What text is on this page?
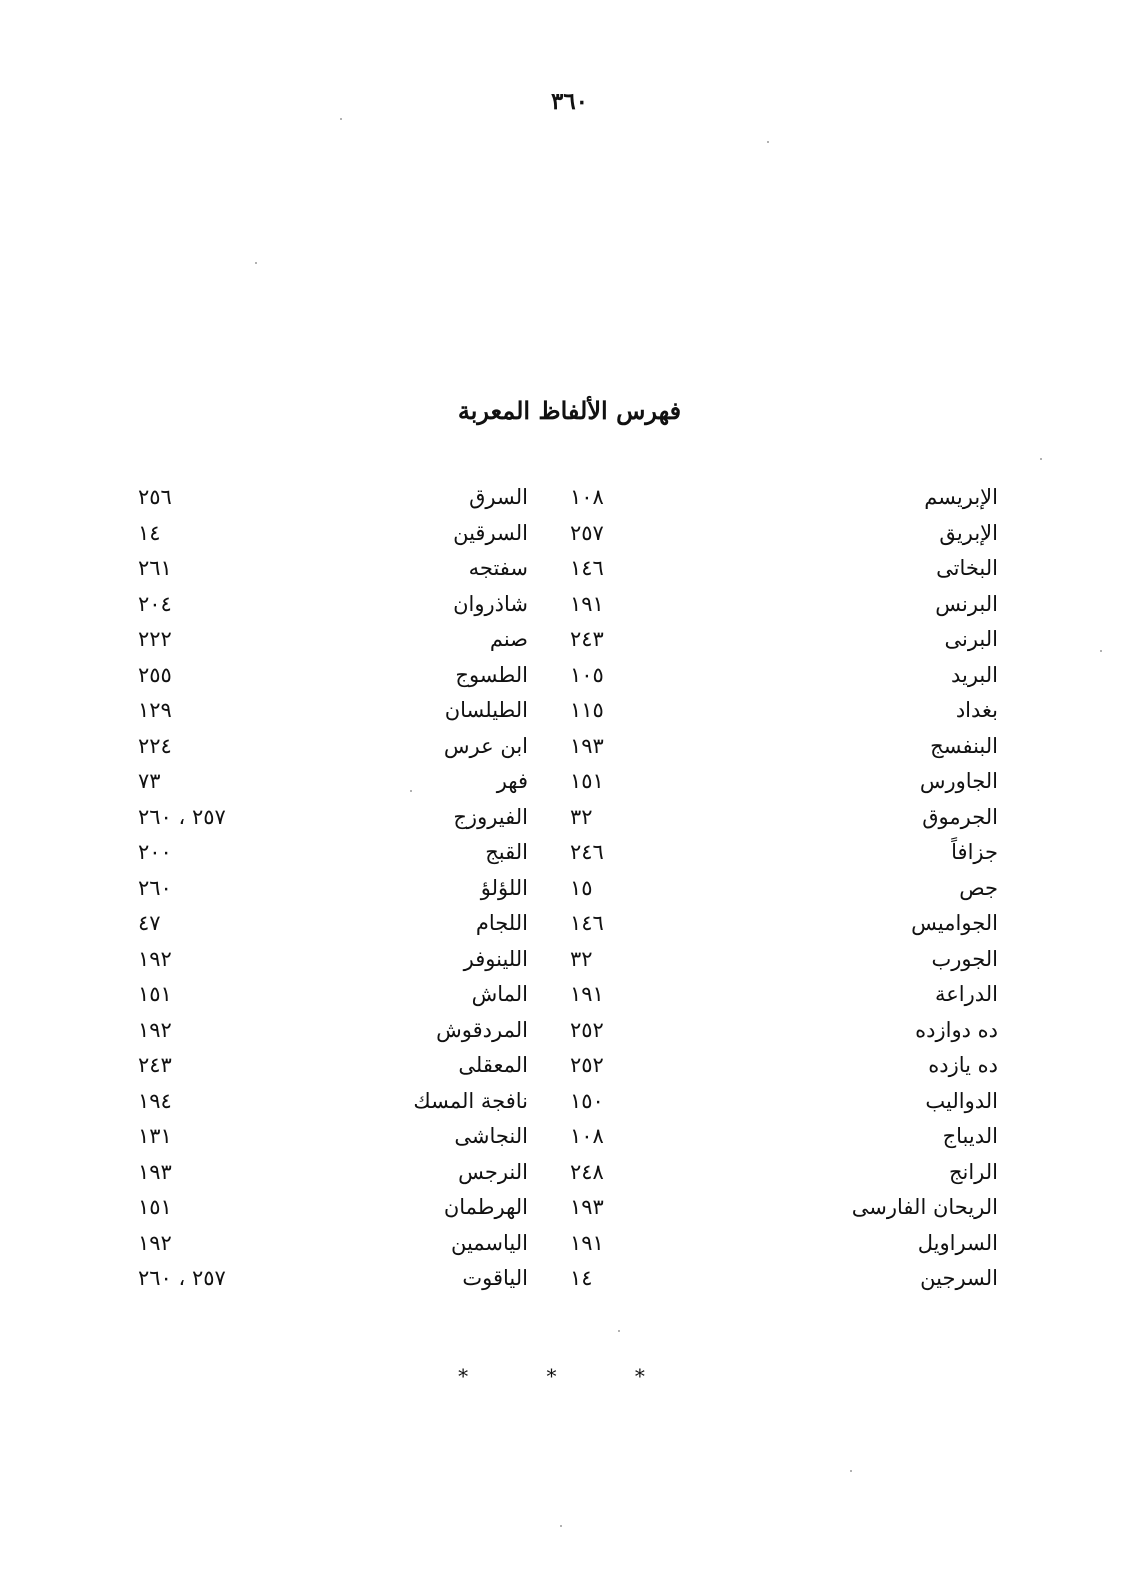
٣٦٠
فهرس الألفاظ المعربة
الإبريسم
١٠٨
الإبريق
٢٥٧
البخاتى
١٤٦
البرنس
١٩١
البرنى
٢٤٣
البريد
١٠٥
بغداد
١١٥
البنفسج
١٩٣
الجاورس
١٥١
الجرموق
٣٢
جزافاً
٢٤٦
جص
١٥
الجواميس
١٤٦
الجورب
٣٢
الدراعة
١٩١
ده دوازده
٢٥٢
ده يازده
٢٥٢
الدواليب
١٥٠
الديباج
١٠٨
الرانج
٢٤٨
الريحان الفارسى
١٩٣
السراويل
١٩١
السرجين
١٤
السرق
٢٥٦
السرقين
١٤
سفتجه
٢٦١
شاذروان
٢٠٤
صنم
٢٢٢
الطسوج
٢٥٥
الطيلسان
١٢٩
ابن عرس
٢٢٤
فهر
٧٣
الفيروزج
٢٥٧ ، ٢٦٠
القبج
٢٠٠
اللؤلؤ
٢٦٠
اللجام
٤٧
اللينوفر
١٩٢
الماش
١٥١
المردقوش
١٩٢
المعقلى
٢٤٣
نافجة المسك
١٩٤
النجاشى
١٣١
النرجس
١٩٣
الهرطمان
١٥١
الياسمين
١٩٢
الياقوت
٢٥٧ ، ٢٦٠
* * *
